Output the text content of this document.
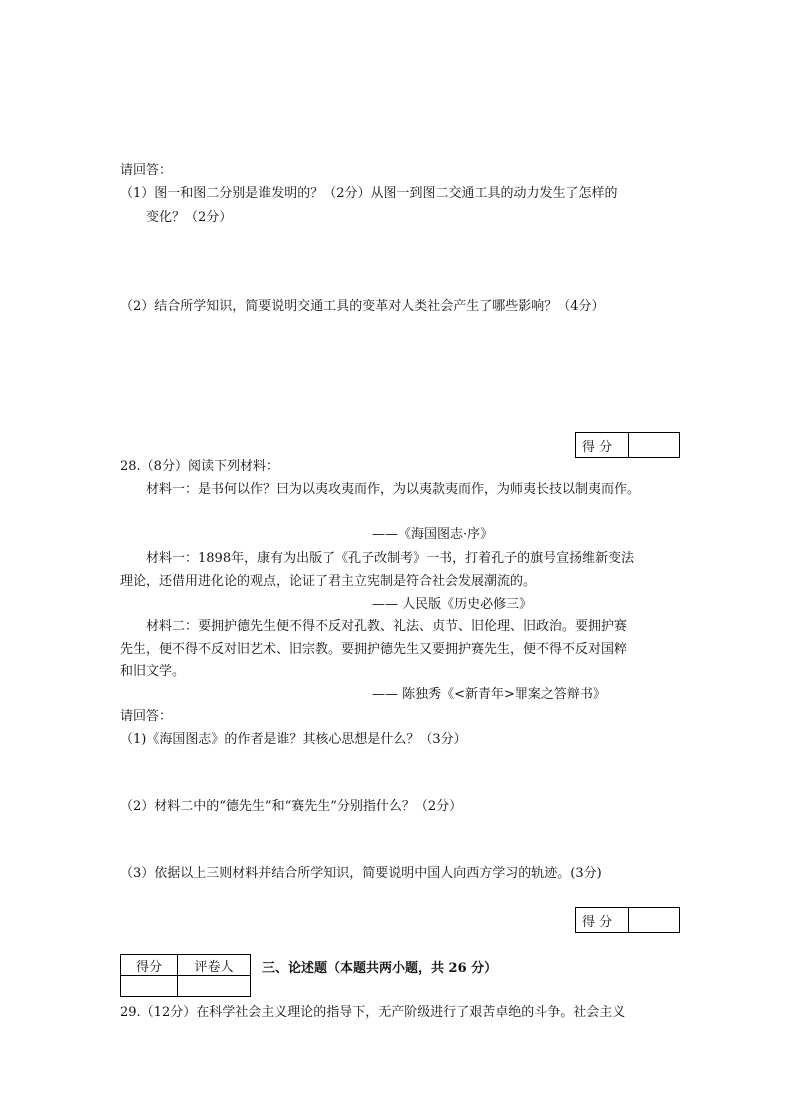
请回答：
（1）图一和图二分别是谁发明的？（2分）从图一到图二交通工具的动力发生了怎样的
变化？（2分）
（2）结合所学知识，简要说明交通工具的变革对人类社会产生了哪些影响？（4分）
得 分	
28.（8分）阅读下列材料：
材料一：是书何以作？曰为以夷攻夷而作，为以夷款夷而作，为师夷长技以制夷而作。
——《海国图志·序》
材料一：1898年，康有为出版了《孔子改制考》一书，打着孔子的旗号宣扬维新变法
理论，还借用进化论的观点，论证了君主立宪制是符合社会发展潮流的。
—— 人民版《历史必修三》
材料二：要拥护德先生便不得不反对孔教、礼法、贞节、旧伦理、旧政治。要拥护赛
先生，便不得不反对旧艺术、旧宗教。要拥护德先生又要拥护赛先生，便不得不反对国粹
和旧文学。
—— 陈独秀《<新青年>罪案之答辩书》
请回答：
（1)《海国图志》的作者是谁？其核心思想是什么？（3分）
（2）材料二中的“德先生”和“赛先生”分别指什么？（2分）
（3）依据以上三则材料并结合所学知识，简要说明中国人向西方学习的轨迹。(3分)
得 分	
得分	评卷人
	三、论述题（本题共两小题，共 26 分）
29.（12分）在科学社会主义理论的指导下，无产阶级进行了艰苦卓绝的斗争。社会主义
